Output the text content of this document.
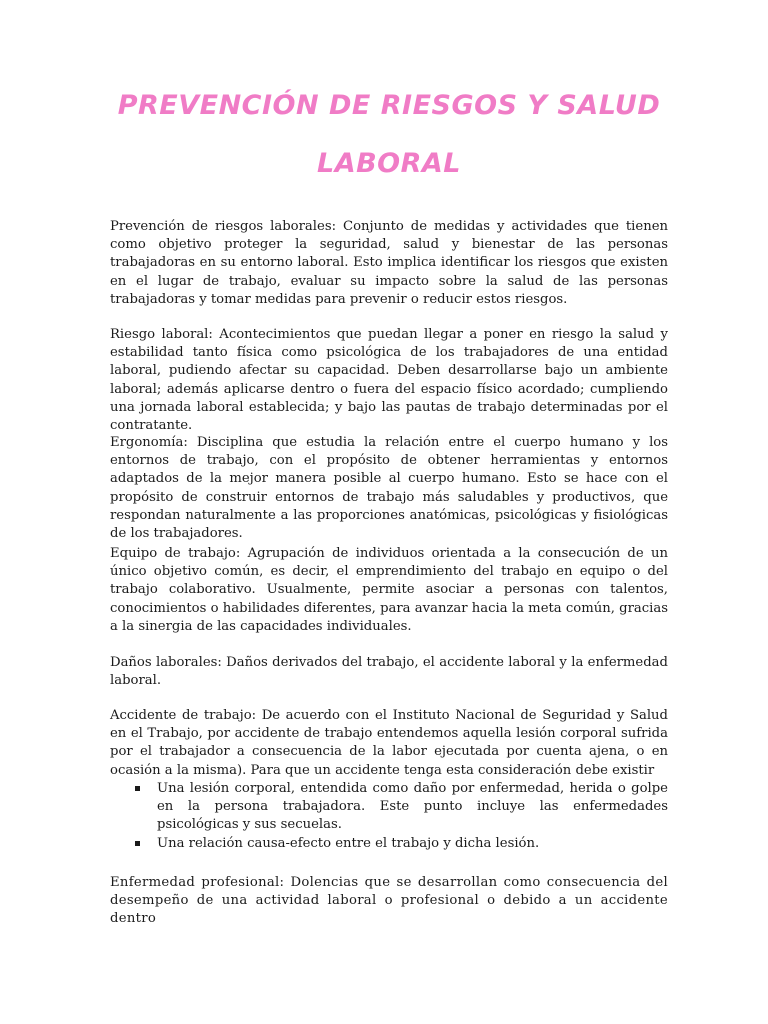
PREVENCIÓN DE RIESGOS Y SALUD
LABORAL

Prevención de riesgos laborales: Conjunto de medidas y actividades que tienen como objetivo proteger la seguridad, salud y bienestar de las personas trabajadoras en su entorno laboral. Esto implica identificar los riesgos que existen en el lugar de trabajo, evaluar su impacto sobre la salud de las personas trabajadoras y tomar medidas para prevenir o reducir estos riesgos.

Riesgo laboral: Acontecimientos que puedan llegar a poner en riesgo la salud y estabilidad tanto física como psicológica de los trabajadores de una entidad laboral, pudiendo afectar su capacidad. Deben desarrollarse bajo un ambiente laboral; además aplicarse dentro o fuera del espacio físico acordado; cumpliendo una jornada laboral establecida; y bajo las pautas de trabajo determinadas por el contratante.

Ergonomía: Disciplina que estudia la relación entre el cuerpo humano y los entornos de trabajo, con el propósito de obtener herramientas y entornos adaptados de la mejor manera posible al cuerpo humano. Esto se hace con el propósito de construir entornos de trabajo más saludables y productivos, que respondan naturalmente a las proporciones anatómicas, psicológicas y fisiológicas de los trabajadores.

Equipo de trabajo: Agrupación de individuos orientada a la consecución de un único objetivo común, es decir, el emprendimiento del trabajo en equipo o del trabajo colaborativo. Usualmente, permite asociar a personas con talentos, conocimientos o habilidades diferentes, para avanzar hacia la meta común, gracias a la sinergia de las capacidades individuales.

Daños laborales: Daños derivados del trabajo, el accidente laboral y la enfermedad laboral.

Accidente de trabajo: De acuerdo con el Instituto Nacional de Seguridad y Salud en el Trabajo, por accidente de trabajo entendemos aquella lesión corporal sufrida por el trabajador a consecuencia de la labor ejecutada por cuenta ajena, o en ocasión a la misma). Para que un accidente tenga esta consideración debe existir

Una lesión corporal, entendida como daño por enfermedad, herida o golpe en la persona trabajadora. Este punto incluye las enfermedades psicológicas y sus secuelas.
Una relación causa-efecto entre el trabajo y dicha lesión.

Enfermedad profesional: Dolencias que se desarrollan como consecuencia del desempeño de una actividad laboral o profesional o debido a un accidente dentro
